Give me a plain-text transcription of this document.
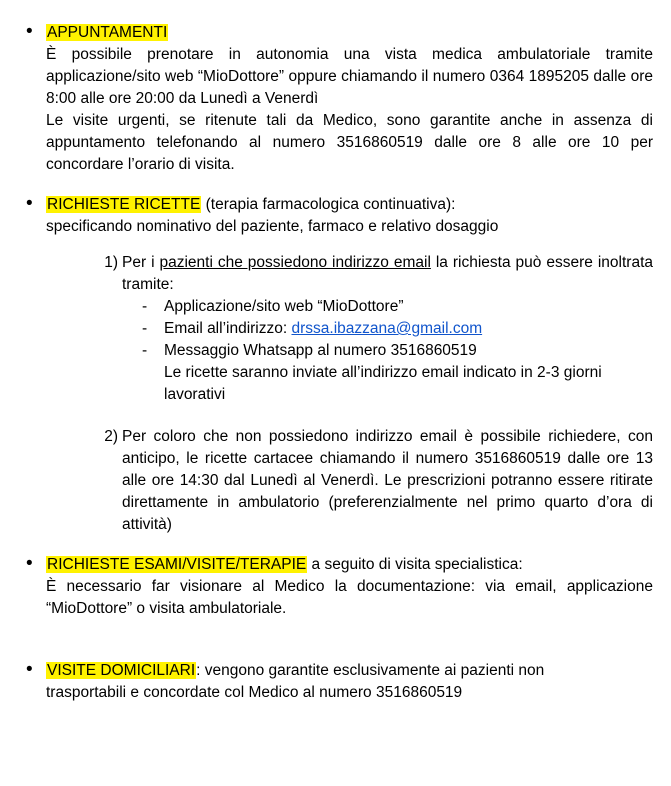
• APPUNTAMENTI

È possibile prenotare in autonomia una vista medica ambulatoriale tramite applicazione/sito web “MioDottore” oppure chiamando il numero 0364 1895205 dalle ore 8:00 alle ore 20:00 da Lunedì a Venerdì

Le visite urgenti, se ritenute tali da Medico, sono garantite anche in assenza di appuntamento telefonando al numero 3516860519 dalle ore 8 alle ore 10 per concordare l’orario di visita.

• RICHIESTE RICETTE (terapia farmacologica continuativa):

specificando nominativo del paziente, farmaco e relativo dosaggio

1) Per i pazienti che possiedono indirizzo email la richiesta può essere inoltrata tramite:
- Applicazione/sito web “MioDottore”
- Email all’indirizzo: drssa.ibazzana@gmail.com
- Messaggio Whatsapp al numero 3516860519
Le ricette saranno inviate all’indirizzo email indicato in 2-3 giorni lavorativi
2) Per coloro che non possiedono indirizzo email è possibile richiedere, con anticipo, le ricette cartacee chiamando il numero 3516860519 dalle ore 13 alle ore 14:30 dal Lunedì al Venerdì. Le prescrizioni potranno essere ritirate direttamente in ambulatorio (preferenzialmente nel primo quarto d’ora di attività)

• RICHIESTE ESAMI/VISITE/TERAPIE a seguito di visita specialistica:

È necessario far visionare al Medico la documentazione: via email, applicazione “MioDottore” o visita ambulatoriale.

• VISITE DOMICILIARI: vengono garantite esclusivamente ai pazienti non

trasportabili e concordate col Medico al numero 3516860519
